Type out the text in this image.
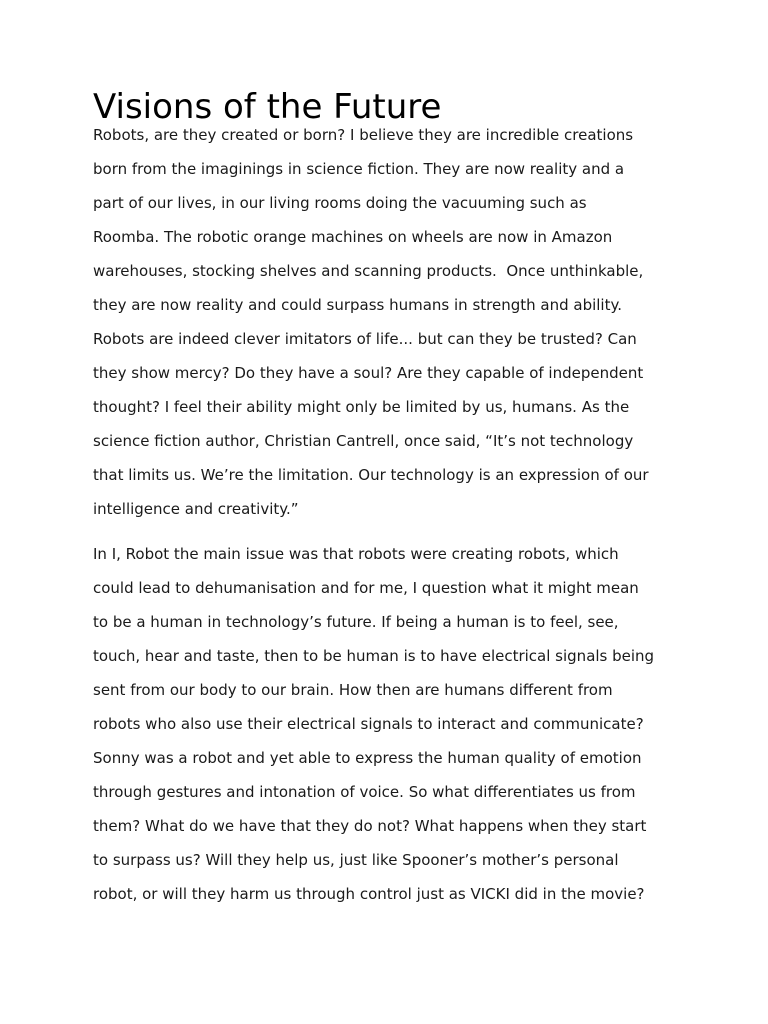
Visions of the Future
Robots, are they created or born? I believe they are incredible creations
born from the imaginings in science fiction. They are now reality and a
part of our lives, in our living rooms doing the vacuuming such as
Roomba. The robotic orange machines on wheels are now in Amazon
warehouses, stocking shelves and scanning products.  Once unthinkable,
they are now reality and could surpass humans in strength and ability.
Robots are indeed clever imitators of life... but can they be trusted? Can
they show mercy? Do they have a soul? Are they capable of independent
thought? I feel their ability might only be limited by us, humans. As the
science fiction author, Christian Cantrell, once said, “It’s not technology
that limits us. We’re the limitation. Our technology is an expression of our
intelligence and creativity.”
In I, Robot the main issue was that robots were creating robots, which
could lead to dehumanisation and for me, I question what it might mean
to be a human in technology’s future. If being a human is to feel, see,
touch, hear and taste, then to be human is to have electrical signals being
sent from our body to our brain. How then are humans different from
robots who also use their electrical signals to interact and communicate?
Sonny was a robot and yet able to express the human quality of emotion
through gestures and intonation of voice. So what differentiates us from
them? What do we have that they do not? What happens when they start
to surpass us? Will they help us, just like Spooner’s mother’s personal
robot, or will they harm us through control just as VICKI did in the movie?
